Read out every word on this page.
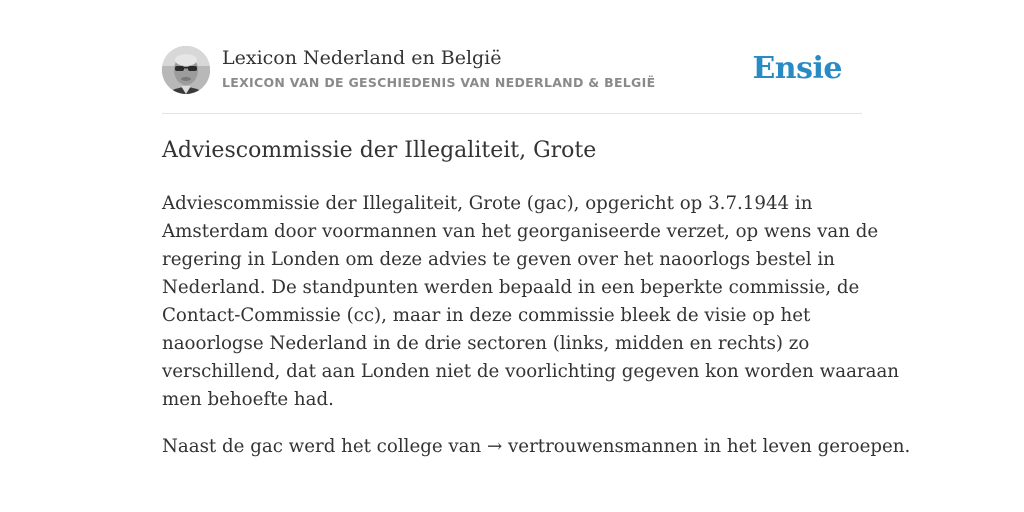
Lexicon Nederland en België
LEXICON VAN DE GESCHIEDENIS VAN NEDERLAND & BELGIË	Ensie
Adviescommissie der Illegaliteit, Grote
Adviescommissie der Illegaliteit, Grote (gac), opgericht op 3.7.1944 in
Amsterdam door voormannen van het georganiseerde verzet, op wens van de
regering in Londen om deze advies te geven over het naoorlogs bestel in
Nederland. De standpunten werden bepaald in een beperkte commissie, de
Contact-Commissie (cc), maar in deze commissie bleek de visie op het
naoorlogse Nederland in de drie sectoren (links, midden en rechts) zo
verschillend, dat aan Londen niet de voorlichting gegeven kon worden waaraan
men behoefte had.
Naast de gac werd het college van → vertrouwensmannen in het leven geroepen.
